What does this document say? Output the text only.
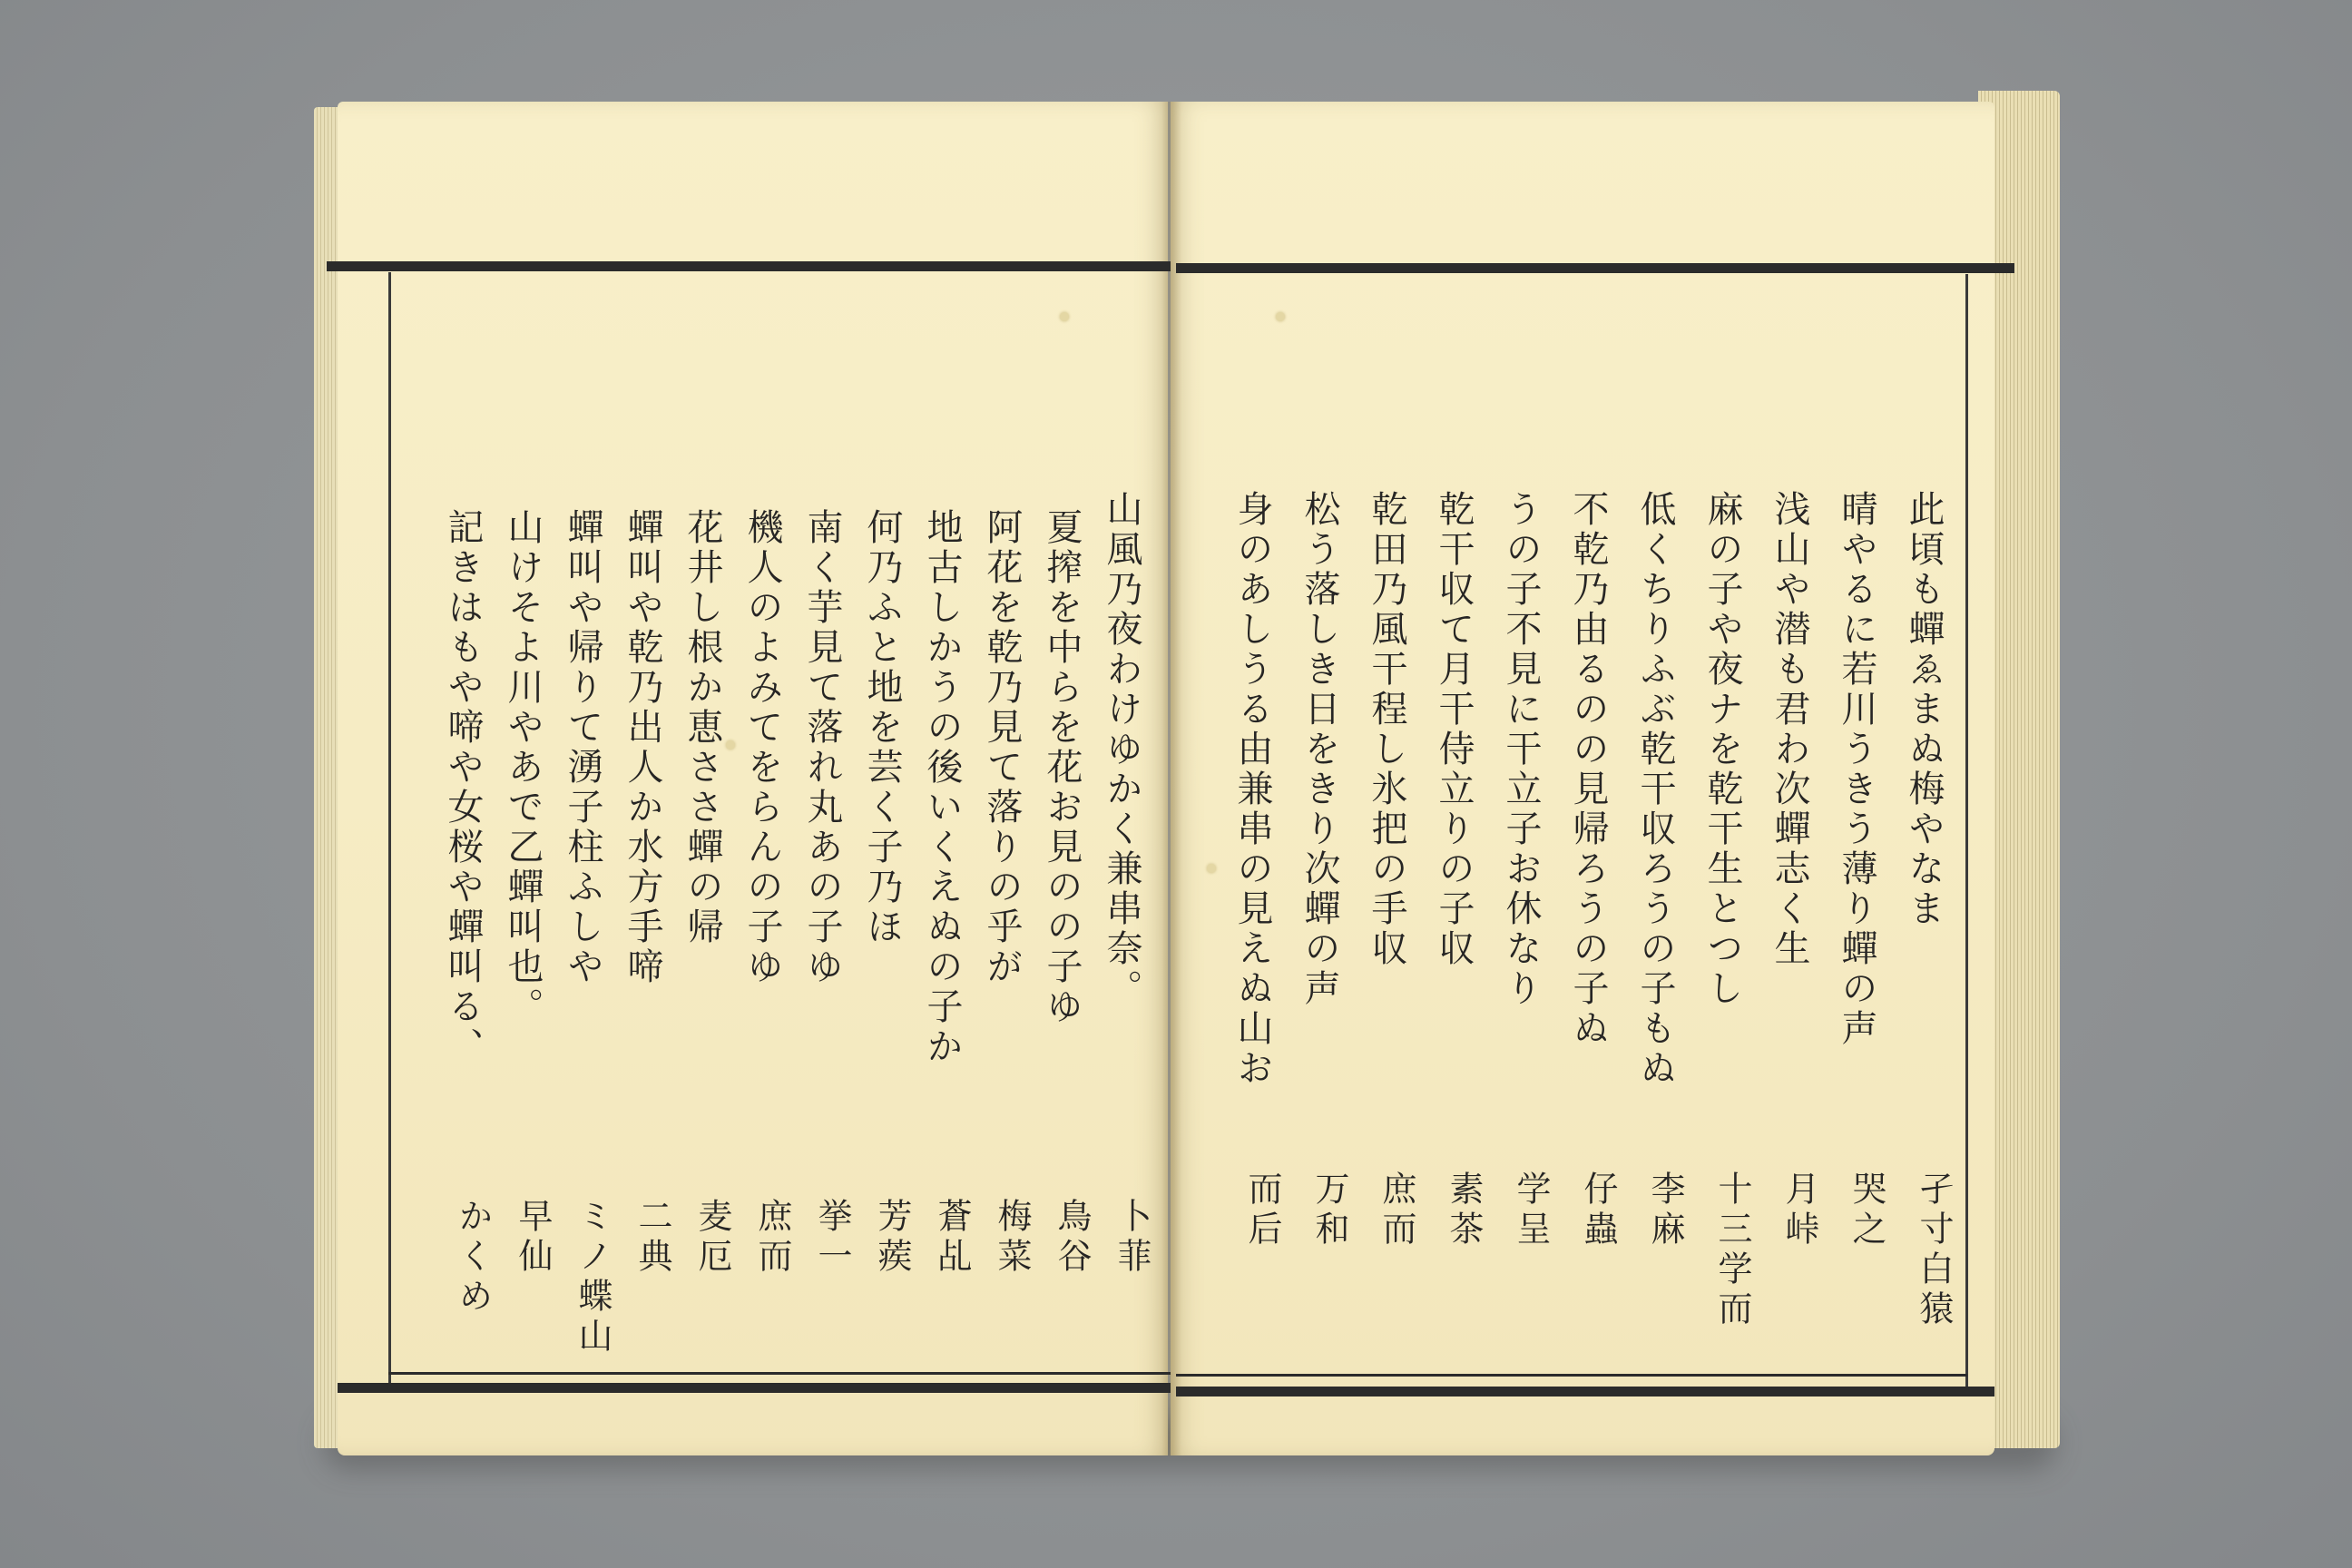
此頃も蟬ゑまぬ梅やなま
孑寸白猿
晴やるに若川うきう薄り蟬の声
哭之
浅山や潜も君わ次蟬志く生
月峠
麻の子や夜ナを乾干生とつし
十三学而
低くちりふぶ乾干収ろうの子もぬ
李麻
不乾乃由るのの見帰ろうの子ぬ
仔蟲
うの子不見に干立子お休なり
学呈
乾干収て月干侍立りの子収
素茶
乾田乃風干程し氷把の手収
庶而
松う落しき日をきり次蟬の声
万和
身のあしうる由兼串の見えぬ山お
而后
山風乃夜わけゆかく兼串奈。
卜菲
夏搾を中らを花お見のの子ゆ
鳥谷
阿花を乾乃見て落りの乎が
梅菜
地古しかうの後いくえぬの子か
蒼乩
何乃ふと地を芸く子乃ほ
芳蒺
南く芋見て落れ丸あの子ゆ
挙一
機人のよみてをらんの子ゆ
庶而
花井し根か恵ささ蟬の帰
麦厄
蟬叫や乾乃出人か水方手啼
二典
蟬叫や帰りて湧子柱ふしや
ミノ蝶山
山けそよ川やあで乙蟬叫也。
早仙
記きはもや啼や女桜や蟬叫る、
かくめ
